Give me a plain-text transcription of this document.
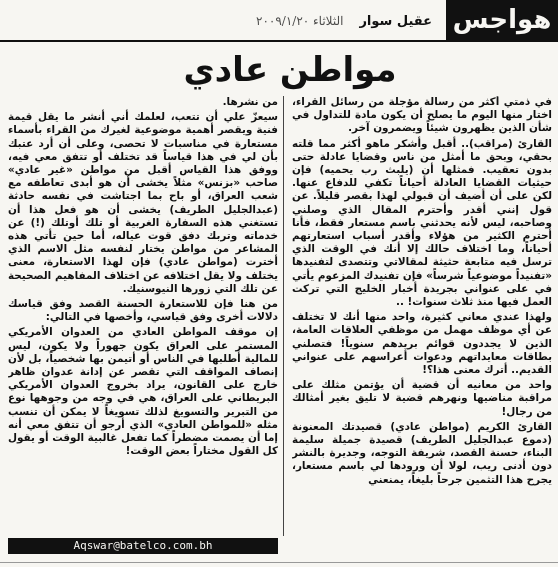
عقيل سوار
الثلاثاء ٢٠٠٩/١/٢٠	هواجس
مواطن عادي

في ذمتي أكثر من رسالة مؤجلة من رسائل القراء، اختار منها اليوم ما يصلح أن يكون مادة للتداول في شأن الذين يظهرون شيئاً ويضمرون آخر.

القارئ (مراقب).. أقبل وأشكر ماهو أكثر مما قلته بحقي، وبحق ما أمثل من ناس وقضايا عادلة حتى بدون تعقيب. فمثلها أن (يلبث رب يحميه) فإن حيثيات القضايا العادلة أحياناً تكفي للدفاع عنها. لكن على أن أضيف أن قبولي لهذا بقصر قليلاً. عن قول إنني أقدر وأحترم المقال الذي وصلني وصاحبه، ليس لأنه يحدثني باسم مستعار فقط، فأنا أحترم الكثير من هؤلاء وأقدر أسباب استعارتهم أحياناً، وما اختلاف حالك إلا أنك في الوقت الذي ترسل فيه متابعة حثيثة لمقالاتي وتتصدى لتفنيدها «تفنيداً موضوعياً شرساً» فإن تفنيدك المزعوم يأتي في على عنواني بجريدة أخبار الخليج التي تركت العمل فيها منذ ثلاث سنوات! ..

ولهذا عندي معاني كثيرة، واحد منها أنك لا تختلف عن أي موظف مهمل من موظفي العلاقات العامة، الذين لا يجددون قوائم بريدهم سنوياً! فتصلني بطاقات معايداتهم ودعوات أعراسهم على عنواني القديم.. أترك معنى هذا؟!

واحد من معانيه أن قضية أن يؤتمن مثلك على مراقبة مناضيها ونهرهم قضية لا تليق بغير أمثالك من رجال!

القارئ الكريم (مواطن عادي) قصيدتك المعنونة (دموع عبدالجليل الطريف) قصيدة جميلة سليمة البناء، حسنة القصد، شريفة التوجه، وجديرة بالنشر دون أدنى ريب، لولا أن ورودها لي باسم مستعار، يجرح هذا التثمين جرحاً بليغاً، يمنعني

من نشرها.

سيعزّ علي أن تتعب، لعلمك أني أنشر ما يقل قيمة فنية ويقصر أهمية موضوعية لغيرك من القراء بأسماء مستعارة في مناسبات لا تحصى، وعلى أن أرد عتبك بأن لي في هذا قياساً قد تختلف أو تتفق معي فيه، ووفق هذا القياس أقبل من مواطن «غير عادي» صاحب «بزنس» مثلاً يخشى أن هو أبدى تعاطفه مع شعب العراق، أو باح بما اجتاشت في نفسه حادثة (عبدالجليل الطريف) يخشى أن هو فعل هذا أن تستغني هذه السفارة الغربية أو تلك أوتلك (!) عن خدماته وتربك دفق قوت عياله، أما حين تأتي هذه المشاعر من مواطن يختار لنفسه مثل الاسم الذي أخترت (مواطن عادي) فإن لهذا الاستعارة، معنى يختلف ولا يقل اختلافه عن اختلاف المفاهيم الصحيحة عن تلك التي زورها النيوسنيك.

من هنا فإن للاستعارة الحسنة القصد وفق قياسك دلالات أخرى وفق قياسي، وأخصها في التالي:

إن موقف المواطن العادي من العدوان الأمريكي المستمر على العراق يكون جهوراً ولا يكون، ليس للمالية أطلبها في الناس أو أتيمن بها شخصياً، بل لأن إنصاف المواقف التي تقصر عن إدانة عدوان ظاهر خارج على القانون، يراد بخروج العدوان الأمريكي البريطاني على العراق، هي في وجه من وجوهها نوع من التبرير والتسويغ لذلك تسويغاً لا يمكن أن تنسب مثله «للمواطن العادي» الذي أرجو أن تتفق معي أنه إما أن يصمت مضطراً كما تفعل غالبية الوقت أو يقول كل القول مختاراً بعض الوقت!

Aqswar@batelco.com.bh
